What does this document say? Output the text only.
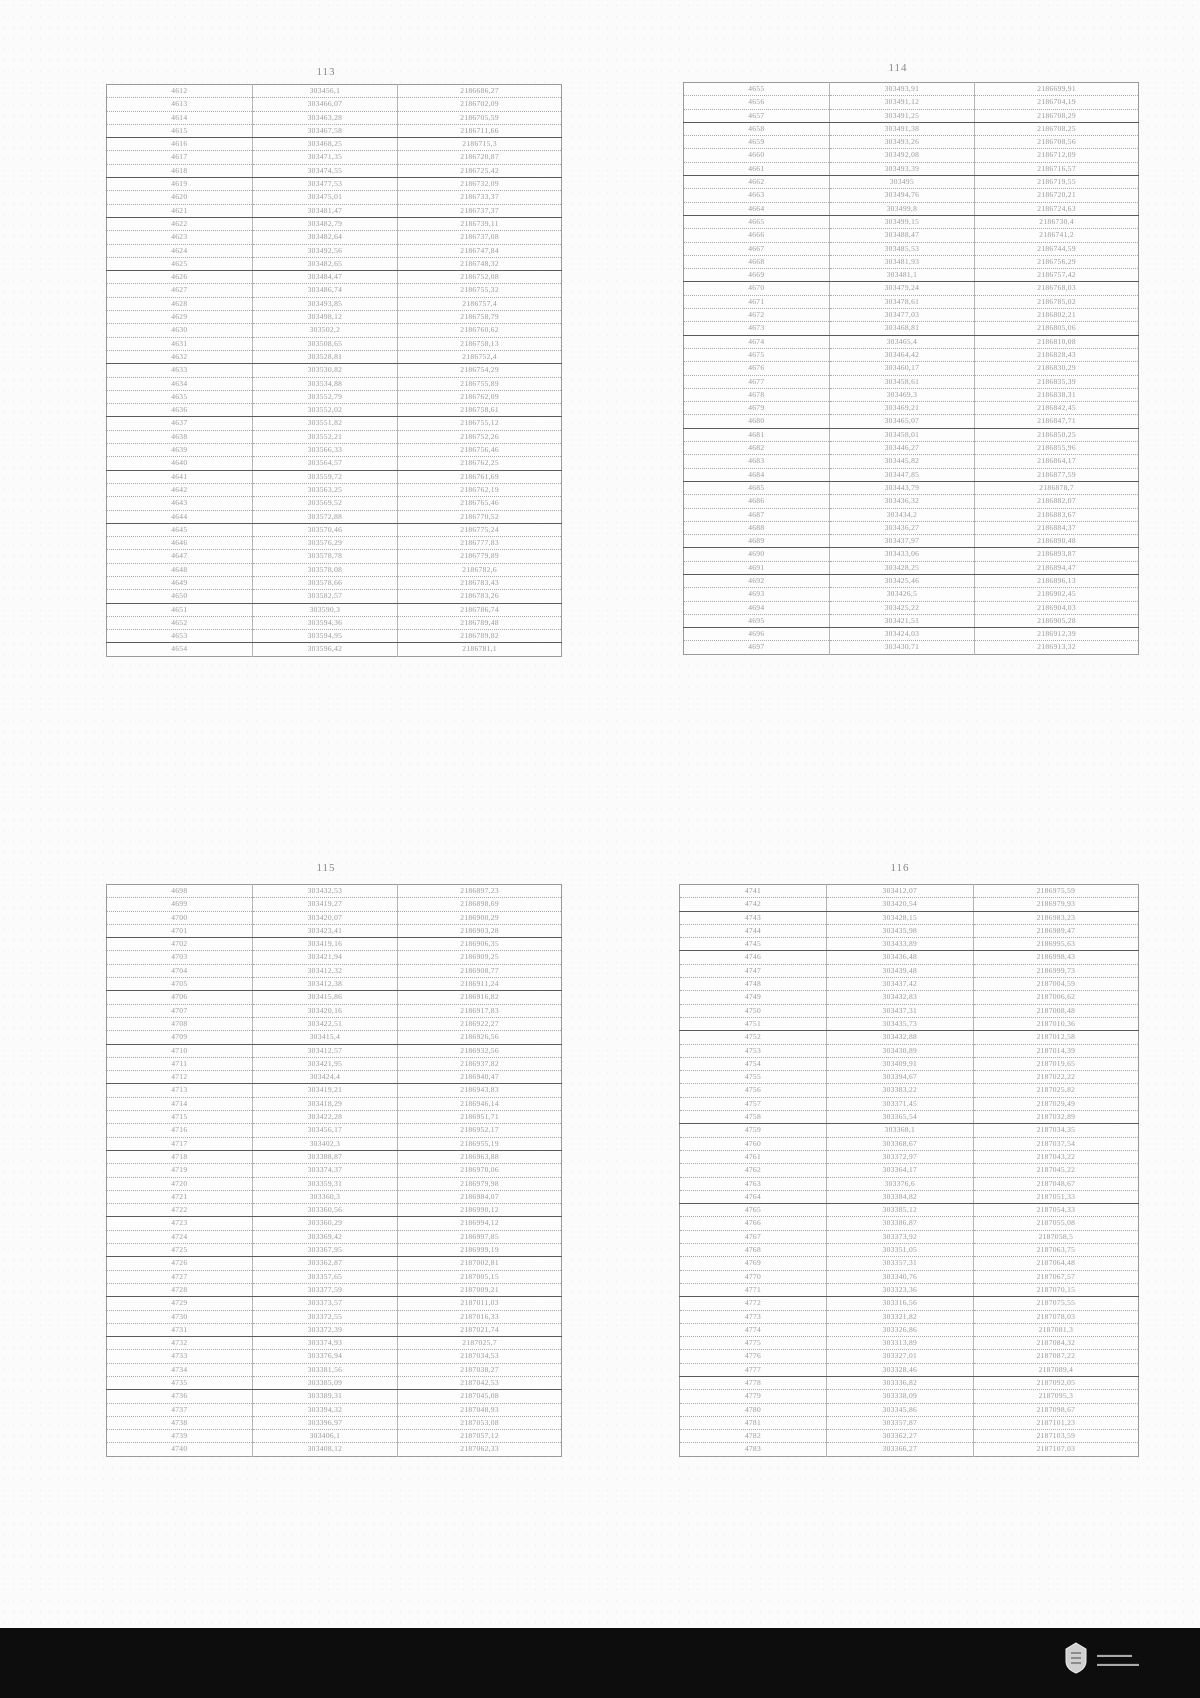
113
4612	303456,1	2186686,27
4613	303466,07	2186702,09
4614	303463,28	2186705,59
4615	303467,58	2186711,66
4616	303468,25	2186715,3
4617	303471,35	2186720,87
4618	303474,55	2186725,42
4619	303477,53	2186732,09
4620	303475,01	2186733,37
4621	303481,47	2186737,37
4622	303482,79	2186739,11
4623	303482,64	2186737,08
4624	303492,56	2186747,84
4625	303482,65	2186748,32
4626	303484,47	2186752,08
4627	303486,74	2186755,32
4628	303493,85	2186757,4
4629	303498,12	2186758,79
4630	303502,2	2186760,62
4631	303508,65	2186758,13
4632	303528,81	2186752,4
4633	303530,82	2186754,29
4634	303534,88	2186755,89
4635	303552,79	2186762,09
4636	303552,02	2186758,61
4637	303551,82	2186755,12
4638	303552,21	2186752,26
4639	303566,33	2186756,46
4640	303564,57	2186762,25
4641	303559,72	2186761,69
4642	303563,25	2186762,19
4643	303569,52	2186765,46
4644	303572,88	2186770,52
4645	303570,46	2186775,24
4646	303576,29	2186777,83
4647	303578,78	2186779,89
4648	303578,08	2186782,6
4649	303578,66	2186783,43
4650	303582,57	2186783,26
4651	303590,3	2186786,74
4652	303594,36	2186789,48
4653	303594,95	2186789,82
4654	303596,42	2186781,1
114
4655	303493,91	2186699,91
4656	303491,12	2186704,19
4657	303491,25	2186708,29
4658	303491,38	2186708,25
4659	303493,26	2186708,56
4660	303492,08	2186712,09
4661	303493,39	2186716,57
4662	303495	2186719,55
4663	303494,76	2186720,21
4664	303499,8	2186724,63
4665	303499,15	2186730,4
4666	303488,47	2186741,2
4667	303485,53	2186744,59
4668	303481,93	2186756,29
4669	303481,1	2186757,42
4670	303479,24	2186768,03
4671	303478,61	2186785,02
4672	303477,03	2186802,21
4673	303468,81	2186805,06
4674	303465,4	2186810,08
4675	303464,42	2186828,43
4676	303460,17	2186830,29
4677	303458,61	2186835,39
4678	303469,3	2186838,31
4679	303469,21	2186842,45
4680	303465,07	2186847,71
4681	303458,01	2186850,25
4682	303446,27	2186855,96
4683	303445,82	2186864,17
4684	303447,85	2186877,59
4685	303443,79	2186878,7
4686	303436,32	2186882,07
4687	303434,2	2186883,67
4688	303436,27	2186884,37
4689	303437,97	2186890,48
4690	303433,06	2186893,87
4691	303428,25	2186894,47
4692	303425,46	2186896,13
4693	303426,5	2186902,45
4694	303425,22	2186904,03
4695	303421,51	2186905,28
4696	303424,03	2186912,39
4697	303430,71	2186913,32
115
4698	303432,53	2186897,23
4699	303419,27	2186898,69
4700	303420,07	2186900,29
4701	303423,41	2186903,28
4702	303419,16	2186906,35
4703	303421,94	2186909,25
4704	303412,32	2186908,77
4705	303412,38	2186911,24
4706	303415,86	2186916,82
4707	303420,16	2186917,83
4708	303422,51	2186922,27
4709	303415,4	2186926,56
4710	303412,57	2186932,56
4711	303421,95	2186937,82
4712	303424,4	2186940,47
4713	303419,21	2186943,83
4714	303418,29	2186946,14
4715	303422,28	2186951,71
4716	303456,17	2186952,17
4717	303402,3	2186955,19
4718	303388,87	2186963,88
4719	303374,37	2186970,06
4720	303359,31	2186979,98
4721	303360,3	2186984,07
4722	303360,56	2186990,12
4723	303360,29	2186994,12
4724	303369,42	2186997,85
4725	303367,95	2186999,19
4726	303362,87	2187002,81
4727	303357,65	2187005,15
4728	303377,59	2187009,21
4729	303373,57	2187011,03
4730	303372,55	2187016,33
4731	303372,39	2187021,74
4732	303374,93	2187025,7
4733	303376,94	2187034,53
4734	303381,56	2187038,27
4735	303385,09	2187042,53
4736	303389,31	2187045,08
4737	303394,32	2187048,93
4738	303396,97	2187053,08
4739	303406,1	2187057,12
4740	303408,12	2187062,33
116
4741	303412,07	2186975,59
4742	303420,54	2186979,93
4743	303428,15	2186983,23
4744	303435,98	2186989,47
4745	303433,89	2186995,63
4746	303436,48	2186998,43
4747	303439,48	2186999,73
4748	303437,42	2187004,59
4749	303432,83	2187006,62
4750	303437,31	2187008,48
4751	303435,73	2187010,36
4752	303432,88	2187012,58
4753	303430,89	2187014,39
4754	303409,91	2187019,65
4755	303394,67	2187022,22
4756	303383,22	2187025,82
4757	303371,45	2187029,49
4758	303365,54	2187032,89
4759	303368,1	2187034,35
4760	303368,67	2187037,54
4761	303372,97	2187043,22
4762	303364,17	2187045,22
4763	303376,6	2187048,67
4764	303384,82	2187051,33
4765	303385,12	2187054,33
4766	303386,87	2187055,08
4767	303373,92	2187058,5
4768	303351,05	2187063,75
4769	303357,31	2187064,48
4770	303340,76	2187067,57
4771	303323,36	2187070,15
4772	303316,56	2187075,55
4773	303321,82	2187078,03
4774	303326,86	2187081,3
4775	303313,89	2187084,32
4776	303327,01	2187087,22
4777	303328,46	2187089,4
4778	303336,82	2187092,05
4779	303338,09	2187095,3
4780	303345,86	2187098,67
4781	303357,87	2187101,23
4782	303362,27	2187103,59
4783	303366,27	2187107,03
▬▬▬▬▬
▬▬▬▬▬▬
